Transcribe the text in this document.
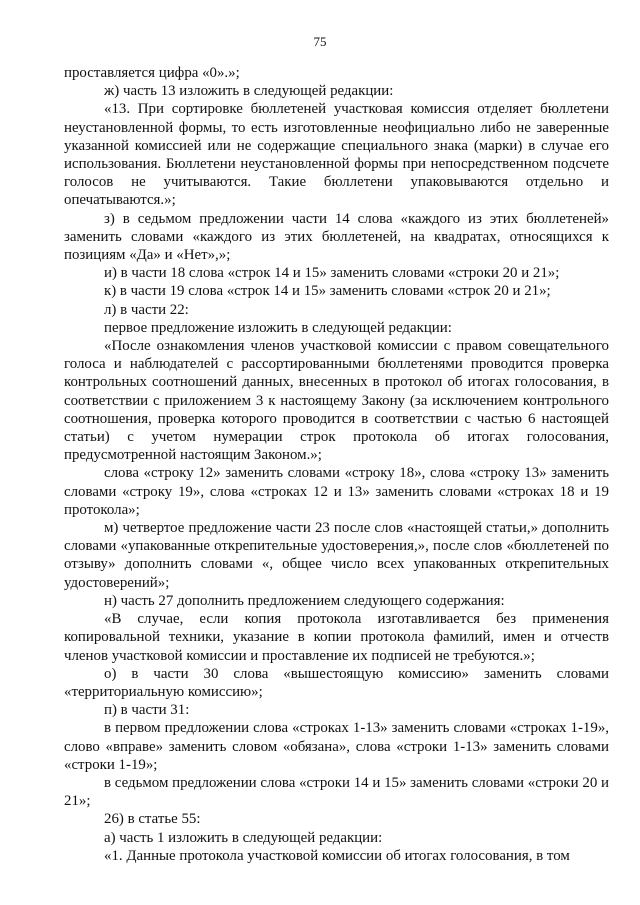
75

проставляется цифра «0».»;

ж) часть 13 изложить в следующей редакции:

«13. При сортировке бюллетеней участковая комиссия отделяет бюллетени неустановленной формы, то есть изготовленные неофициально либо не заверенные указанной комиссией или не содержащие специального знака (марки) в случае его использования. Бюллетени неустановленной формы при непосредственном подсчете голосов не учитываются. Такие бюллетени упаковываются отдельно и опечатываются.»;

з) в седьмом предложении части 14 слова «каждого из этих бюллетеней» заменить словами «каждого из этих бюллетеней, на квадратах, относящихся к позициям «Да» и «Нет»,»;

и) в части 18 слова «строк 14 и 15» заменить словами «строки 20 и 21»;

к) в части 19 слова «строк 14 и 15» заменить словами «строк 20 и 21»;

л) в части 22:

первое предложение изложить в следующей редакции:

«После ознакомления членов участковой комиссии с правом совещательного голоса и наблюдателей с рассортированными бюллетенями проводится проверка контрольных соотношений данных, внесенных в протокол об итогах голосования, в соответствии с приложением 3 к настоящему Закону (за исключением контрольного соотношения, проверка которого проводится в соответствии с частью 6 настоящей статьи) с учетом нумерации строк протокола об итогах голосования, предусмотренной настоящим Законом.»;

слова «строку 12» заменить словами «строку 18», слова «строку 13» заменить словами «строку 19», слова «строках 12 и 13» заменить словами «строках 18 и 19 протокола»;

м) четвертое предложение части 23 после слов «настоящей статьи,» дополнить словами «упакованные открепительные удостоверения,», после слов «бюллетеней по отзыву» дополнить словами «, общее число всех упакованных открепительных удостоверений»;

н) часть 27 дополнить предложением следующего содержания:

«В случае, если копия протокола изготавливается без применения копировальной техники, указание в копии протокола фамилий, имен и отчеств членов участковой комиссии и проставление их подписей не требуются.»;

о) в части 30 слова «вышестоящую комиссию» заменить словами «территориальную комиссию»;

п) в части 31:

в первом предложении слова «строках 1-13» заменить словами «строках 1-19», слово «вправе» заменить словом «обязана», слова «строки 1-13» заменить словами «строки 1-19»;

в седьмом предложении слова «строки 14 и 15» заменить словами «строки 20 и 21»;

26) в статье 55:

а) часть 1 изложить в следующей редакции:

«1. Данные протокола участковой комиссии об итогах голосования, в том
